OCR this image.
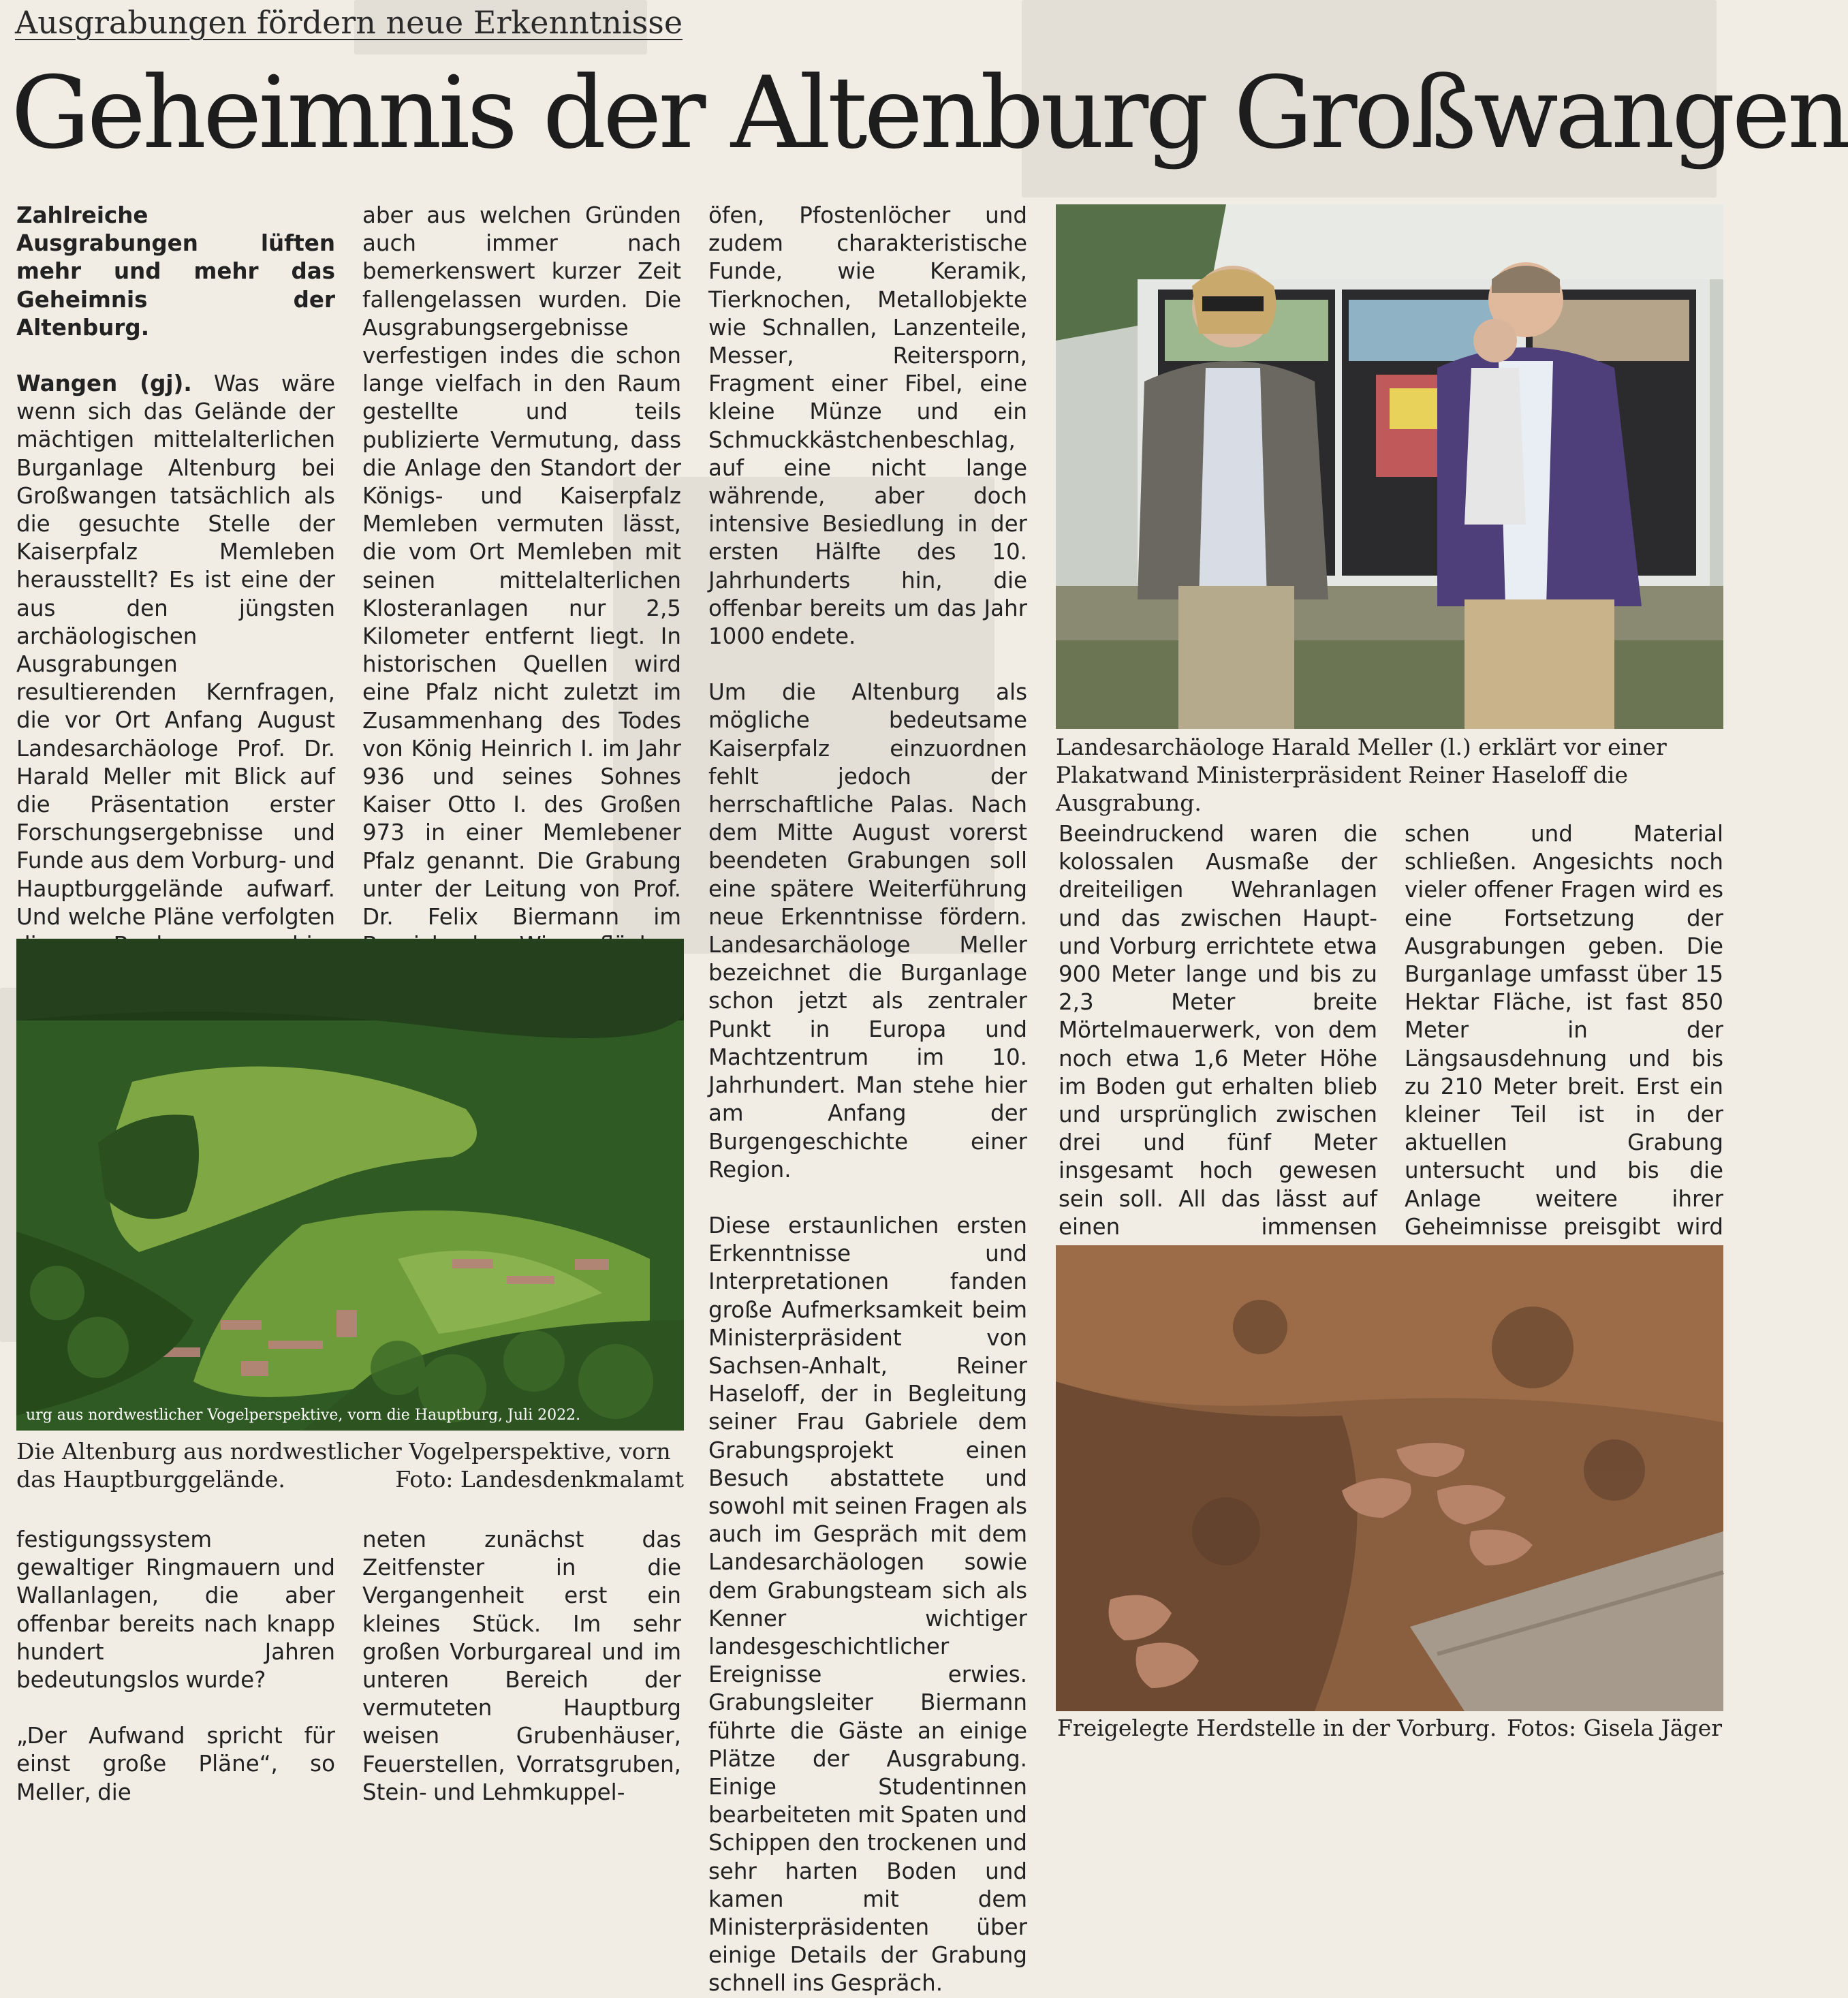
Ausgrabungen fördern neue Erkenntnisse
Geheimnis der Altenburg Großwangen

Zahlreiche Ausgrabungen lüften mehr und mehr das Geheimnis der Altenburg.

Wangen (gj). Was wäre wenn sich das Gelände der mächtigen mittelalterlichen Burganlage Altenburg bei Großwangen tatsächlich als die gesuchte Stelle der Kaiserpfalz Memleben herausstellt? Es ist eine der aus den jüngsten archäologischen Ausgrabungen resultierenden Kernfragen, die vor Ort Anfang August Landesarchäologe Prof. Dr. Harald Meller mit Blick auf die Präsentation erster Forschungsergebnisse und Funde aus dem Vorburg- und Hauptburggelände aufwarf. Und welche Pläne verfolgten

aber aus welchen Gründen auch immer nach bemerkenswert kurzer Zeit fallengelassen wurden. Die Ausgrabungsergebnisse verfestigen indes die schon lange vielfach in den Raum gestellte und teils publizierte Vermutung, dass die Anlage den Standort der Königs- und Kaiserpfalz Memleben vermuten lässt, die vom Ort Memleben mit seinen mittelalterlichen Klosteranlagen nur 2,5 Kilometer entfernt liegt. In historischen Quellen wird eine Pfalz nicht zuletzt im Zusammenhang des Todes von König Heinrich I. im Jahr 936 und seines Sohnes Kaiser Otto I. des Großen 973 in einer Memlebener Pfalz genannt. Die Grabung unter der Leitung von Prof. Dr. Felix Biermann im

öfen, Pfostenlöcher und zudem charakteristische Funde, wie Keramik, Tierknochen, Metallobjekte wie Schnallen, Lanzenteile, Messer, Reitersporn, Fragment einer Fibel, eine kleine Münze und ein Schmuckkästchenbeschlag, auf eine nicht lange währende, aber doch intensive Besiedlung in der ersten Hälfte des 10. Jahrhunderts hin, die offenbar bereits um das Jahr 1000 endete.

Um die Altenburg als mögliche bedeutsame Kaiserpfalz einzuordnen fehlt jedoch der herrschaftliche Palas. Nach dem Mitte August vorerst beendeten Grabungen soll eine spätere Weiterführung neue Erkenntnisse fördern. Landesarchäologe Meller bezeichnet die Burganlage schon jetzt als zentraler Punkt in Europa und Machtzentrum im 10. Jahrhundert. Man stehe hier am Anfang der Burgengeschichte einer Region.

Diese erstaunlichen ersten Erkenntnisse und Interpretationen fanden große Aufmerksamkeit beim Ministerpräsident von Sachsen-Anhalt, Reiner Haseloff, der in Begleitung seiner Frau Gabriele dem Grabungsprojekt einen Besuch abstattete und sowohl mit seinen Fragen als auch im Gespräch mit dem Landesarchäologen sowie dem Grabungsteam sich als Kenner wichtiger landesgeschichtlicher Ereignisse erwies. Grabungsleiter Biermann führte die Gäste an einige Plätze der Ausgrabung. Einige Studentinnen bearbeiteten mit Spaten und Schippen den trockenen und sehr harten Boden und kamen mit dem Ministerpräsidenten über einige Details der Grabung schnell ins Gespräch.

urg aus nordwestlicher Vogelperspektive, vorn die Hauptburg, Juli 2022.
Die Altenburg aus nordwestlicher Vogelperspektive, vorn das Hauptburggelände.	Foto: Landesdenkmalamt

festigungssystem gewaltiger Ringmauern und Wallanlagen, die aber offenbar bereits nach knapp hundert Jahren bedeutungslos wurde?

„Der Aufwand spricht für einst große Pläne“, so Meller, die

neten zunächst das Zeitfenster in die Vergangenheit erst ein kleines Stück. Im sehr großen Vorburgareal und im unteren Bereich der vermuteten Hauptburg weisen Grubenhäuser, Feuerstellen, Vorratsgruben, Stein- und Lehmkuppel-

Landesarchäologe Harald Meller (l.) erklärt vor einer Plakatwand Ministerpräsident Reiner Haseloff die Ausgrabung.

Beeindruckend waren die kolossalen Ausmaße der dreiteiligen Wehranlagen und das zwischen Haupt- und Vorburg errichtete etwa 900 Meter lange und bis zu 2,3 Meter breite Mörtelmauerwerk, von dem noch etwa 1,6 Meter Höhe im Boden gut erhalten blieb und ursprünglich zwischen drei und fünf Meter insgesamt hoch gewesen sein soll. All das lässt auf einen immensen

schen und Material schließen. Angesichts noch vieler offener Fragen wird es eine Fortsetzung der Ausgrabungen geben. Die Burganlage umfasst über 15 Hektar Fläche, ist fast 850 Meter in der Längsausdehnung und bis zu 210 Meter breit. Erst ein kleiner Teil ist in der aktuellen Grabung untersucht und bis die Anlage weitere ihrer Geheimnisse preisgibt wird

Freigelegte Herdstelle in der Vorburg. Fotos: Gisela Jäger
